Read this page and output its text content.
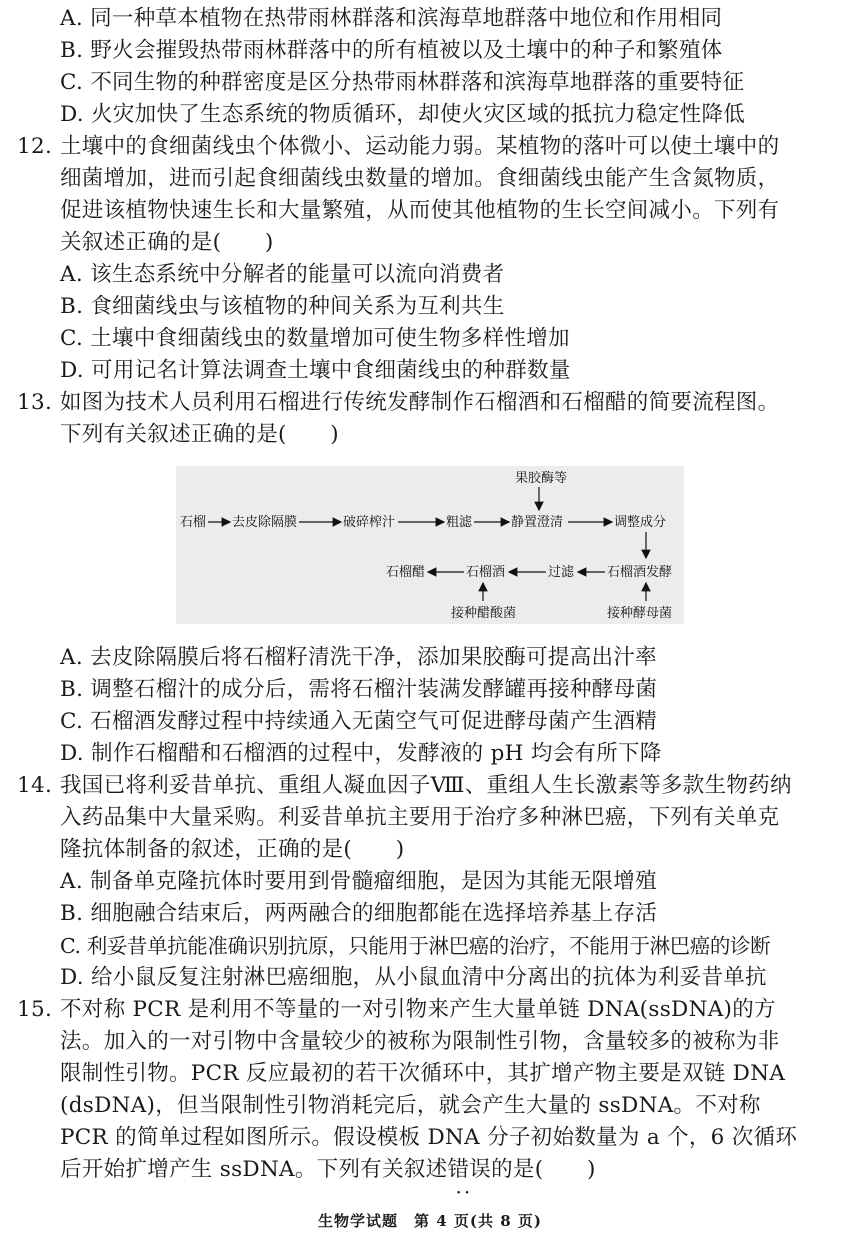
A. 同一种草本植物在热带雨林群落和滨海草地群落中地位和作用相同
B. 野火会摧毁热带雨林群落中的所有植被以及土壤中的种子和繁殖体
C. 不同生物的种群密度是区分热带雨林群落和滨海草地群落的重要特征
D. 火灾加快了生态系统的物质循环，却使火灾区域的抵抗力稳定性降低
12. 土壤中的食细菌线虫个体微小、运动能力弱。某植物的落叶可以使土壤中的
细菌增加，进而引起食细菌线虫数量的增加。食细菌线虫能产生含氮物质，
促进该植物快速生长和大量繁殖，从而使其他植物的生长空间减小。下列有
关叙述正确的是(　　)
A. 该生态系统中分解者的能量可以流向消费者
B. 食细菌线虫与该植物的种间关系为互利共生
C. 土壤中食细菌线虫的数量增加可使生物多样性增加
D. 可用记名计算法调查土壤中食细菌线虫的种群数量
13. 如图为技术人员利用石榴进行传统发酵制作石榴酒和石榴醋的简要流程图。
下列有关叙述正确的是(　　)
石榴 去皮除隔膜	破碎榨汁	粗滤	静置澄清	调整成分
果胶酶等
石榴酒发酵
过滤
石榴酒
石榴醋
接种酵母菌
接种醋酸菌
A. 去皮除隔膜后将石榴籽清洗干净，添加果胶酶可提高出汁率
B. 调整石榴汁的成分后，需将石榴汁装满发酵罐再接种酵母菌
C. 石榴酒发酵过程中持续通入无菌空气可促进酵母菌产生酒精
D. 制作石榴醋和石榴酒的过程中，发酵液的 pH 均会有所下降
14. 我国已将利妥昔单抗、重组人凝血因子Ⅷ、重组人生长激素等多款生物药纳
入药品集中大量采购。利妥昔单抗主要用于治疗多种淋巴癌，下列有关单克
隆抗体制备的叙述，正确的是(　　)
A. 制备单克隆抗体时要用到骨髓瘤细胞，是因为其能无限增殖
B. 细胞融合结束后，两两融合的细胞都能在选择培养基上存活
C. 利妥昔单抗能准确识别抗原，只能用于淋巴癌的治疗，不能用于淋巴癌的诊断
D. 给小鼠反复注射淋巴癌细胞，从小鼠血清中分离出的抗体为利妥昔单抗
15. 不对称 PCR 是利用不等量的一对引物来产生大量单链 DNA(ssDNA)的方
法。加入的一对引物中含量较少的被称为限制性引物，含量较多的被称为非
限制性引物。PCR 反应最初的若干次循环中，其扩增产物主要是双链 DNA
(dsDNA)，但当限制性引物消耗完后，就会产生大量的 ssDNA。不对称
PCR 的简单过程如图所示。假设模板 DNA 分子初始数量为 a 个，6 次循环
后开始扩增产生 ssDNA。下列有关叙述错误 ··的是(　　)
生物学试题　第 4 页(共 8 页)
